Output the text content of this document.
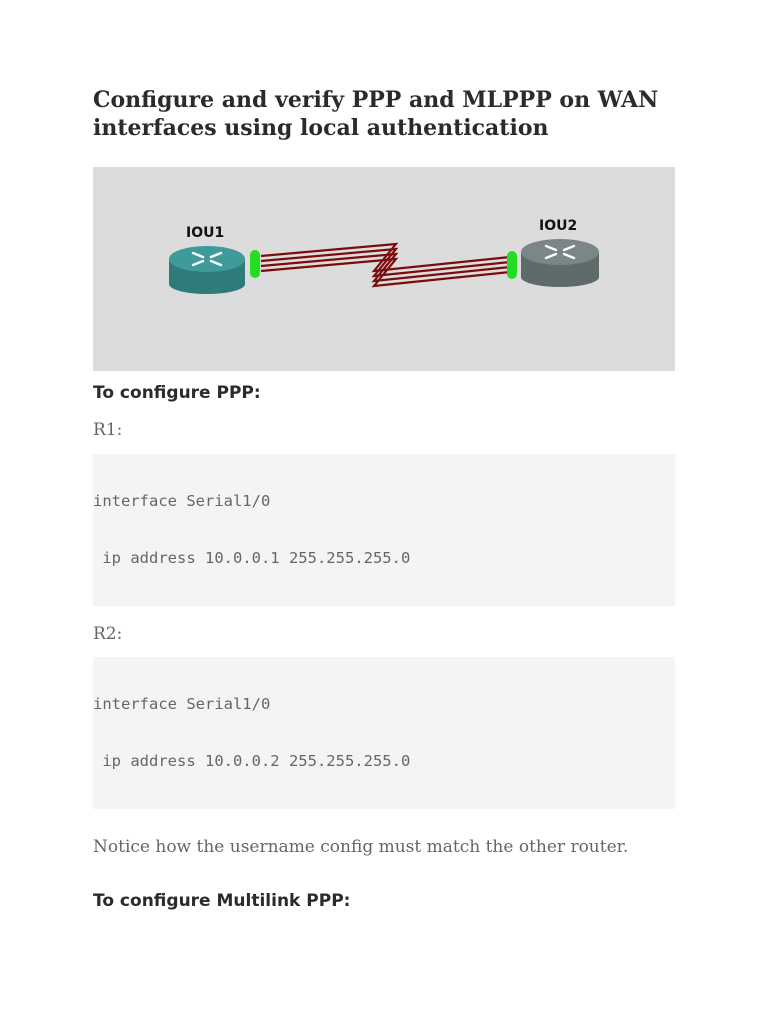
Configure and verify PPP and MLPPP on WAN interfaces using local authentication
IOU1	IOU2

To configure PPP:

R1:

interface Serial1/0

ip address 10.0.0.1 255.255.255.0

R2:

interface Serial1/0

ip address 10.0.0.2 255.255.255.0

Notice how the username config must match the other router.

To configure Multilink PPP:
